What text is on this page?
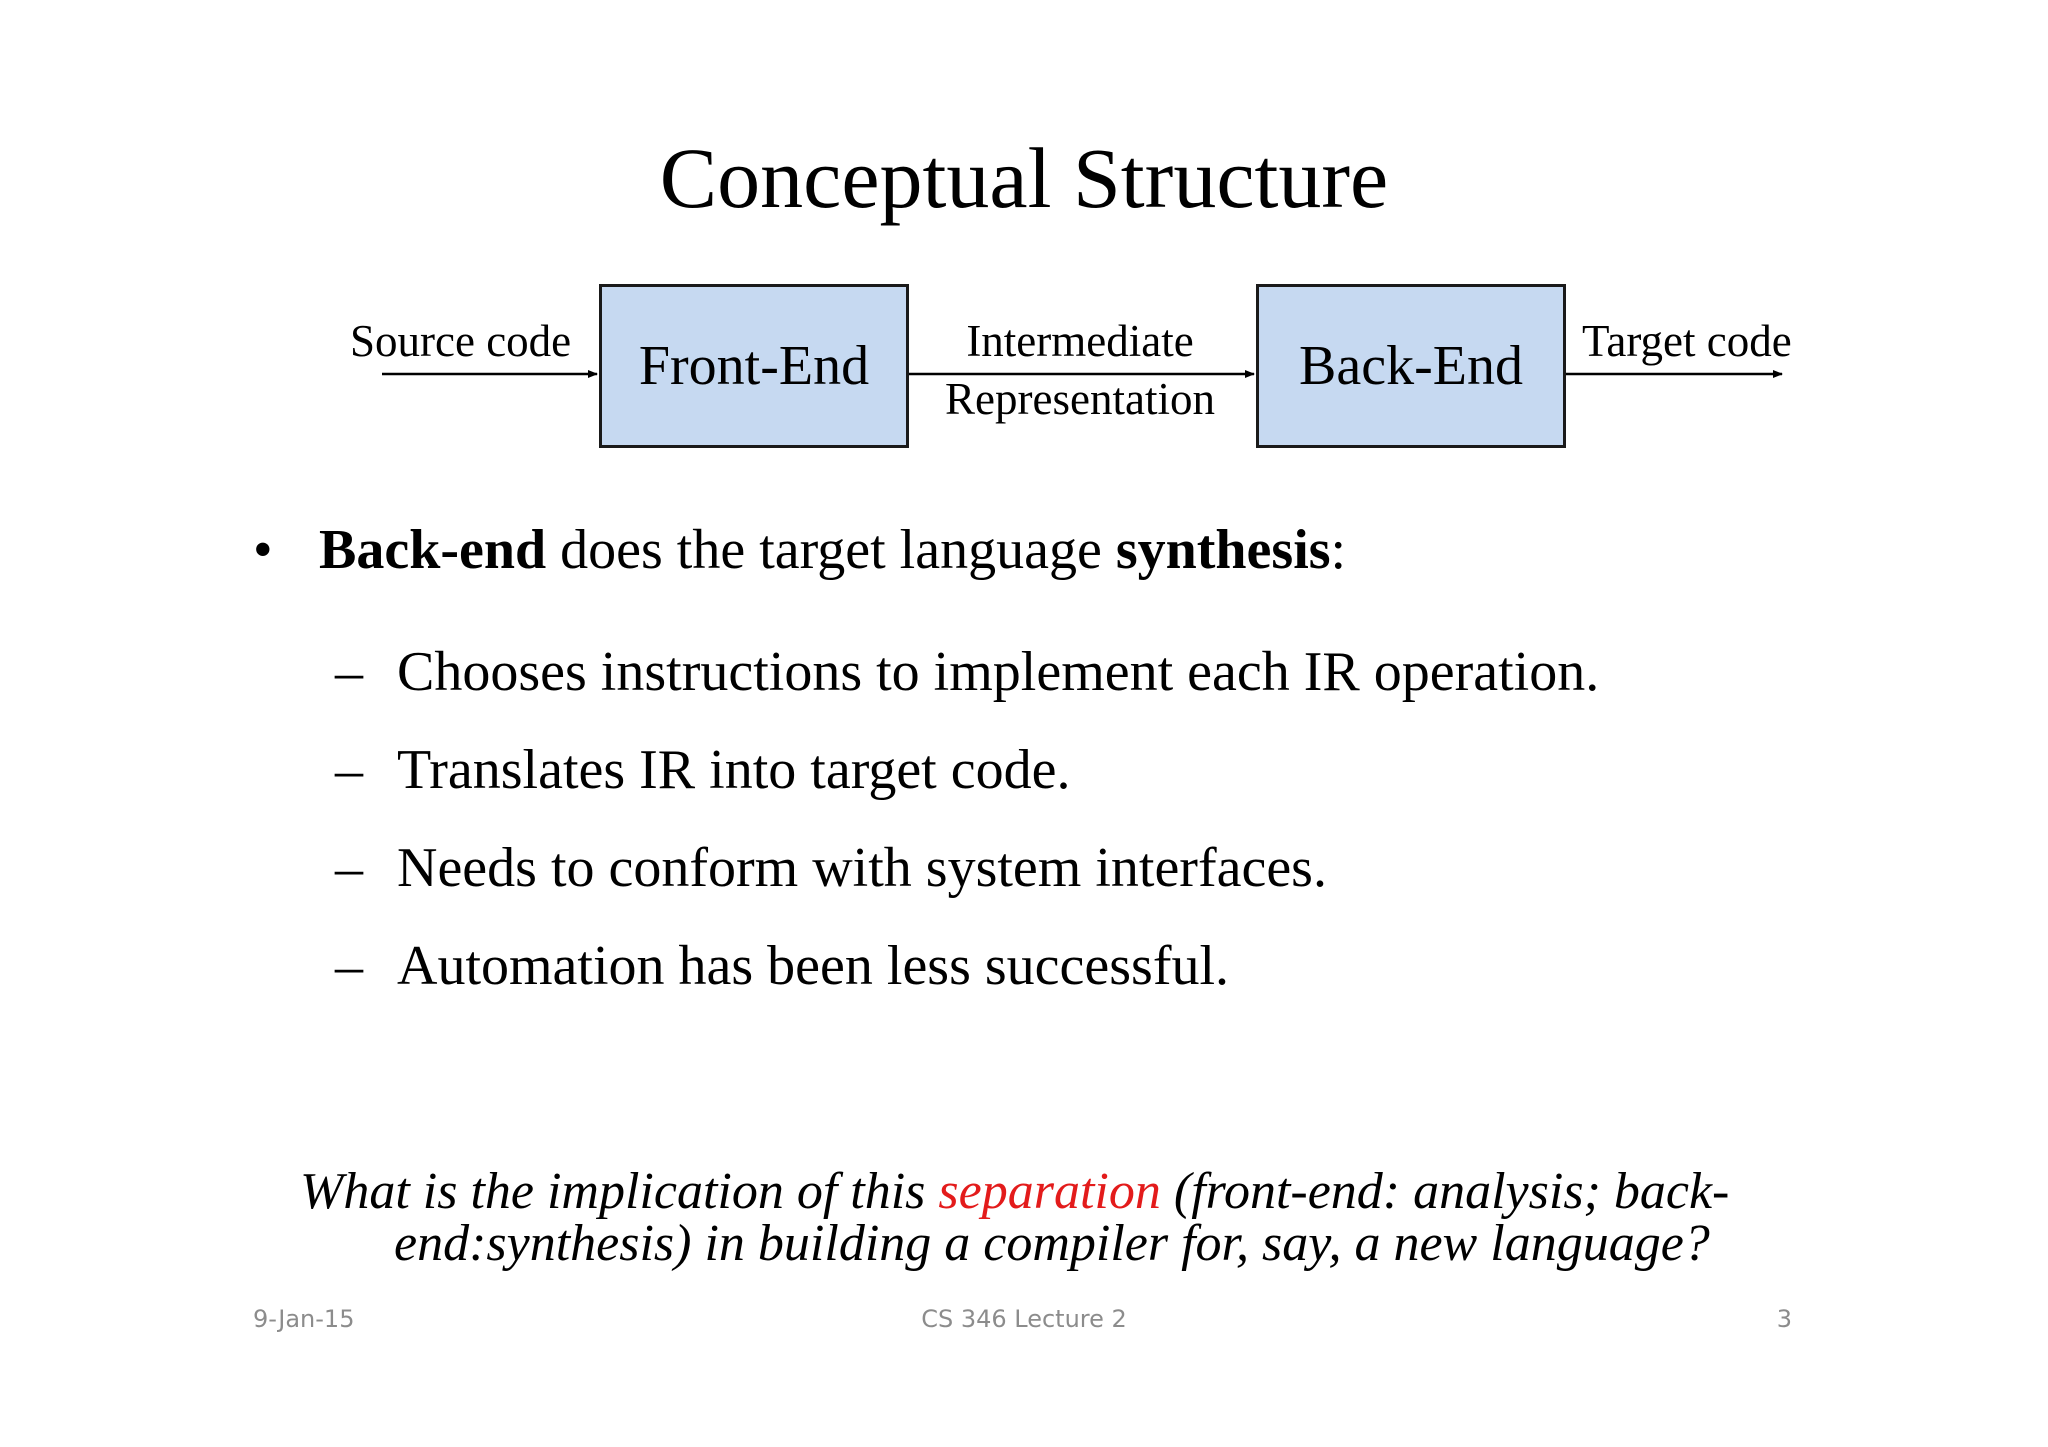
Conceptual Structure
Source code Front-End	Intermediate
Representation
Back-End Target code
• Back-end does the target language synthesis:
– Chooses instructions to implement each IR operation.
– Translates IR into target code.
– Needs to conform with system interfaces.
– Automation has been less successful.
What is the implication of this separation (front-end: analysis; back-
end:synthesis) in building a compiler for, say, a new language?
9-Jan-15	CS 346 Lecture 2	3
